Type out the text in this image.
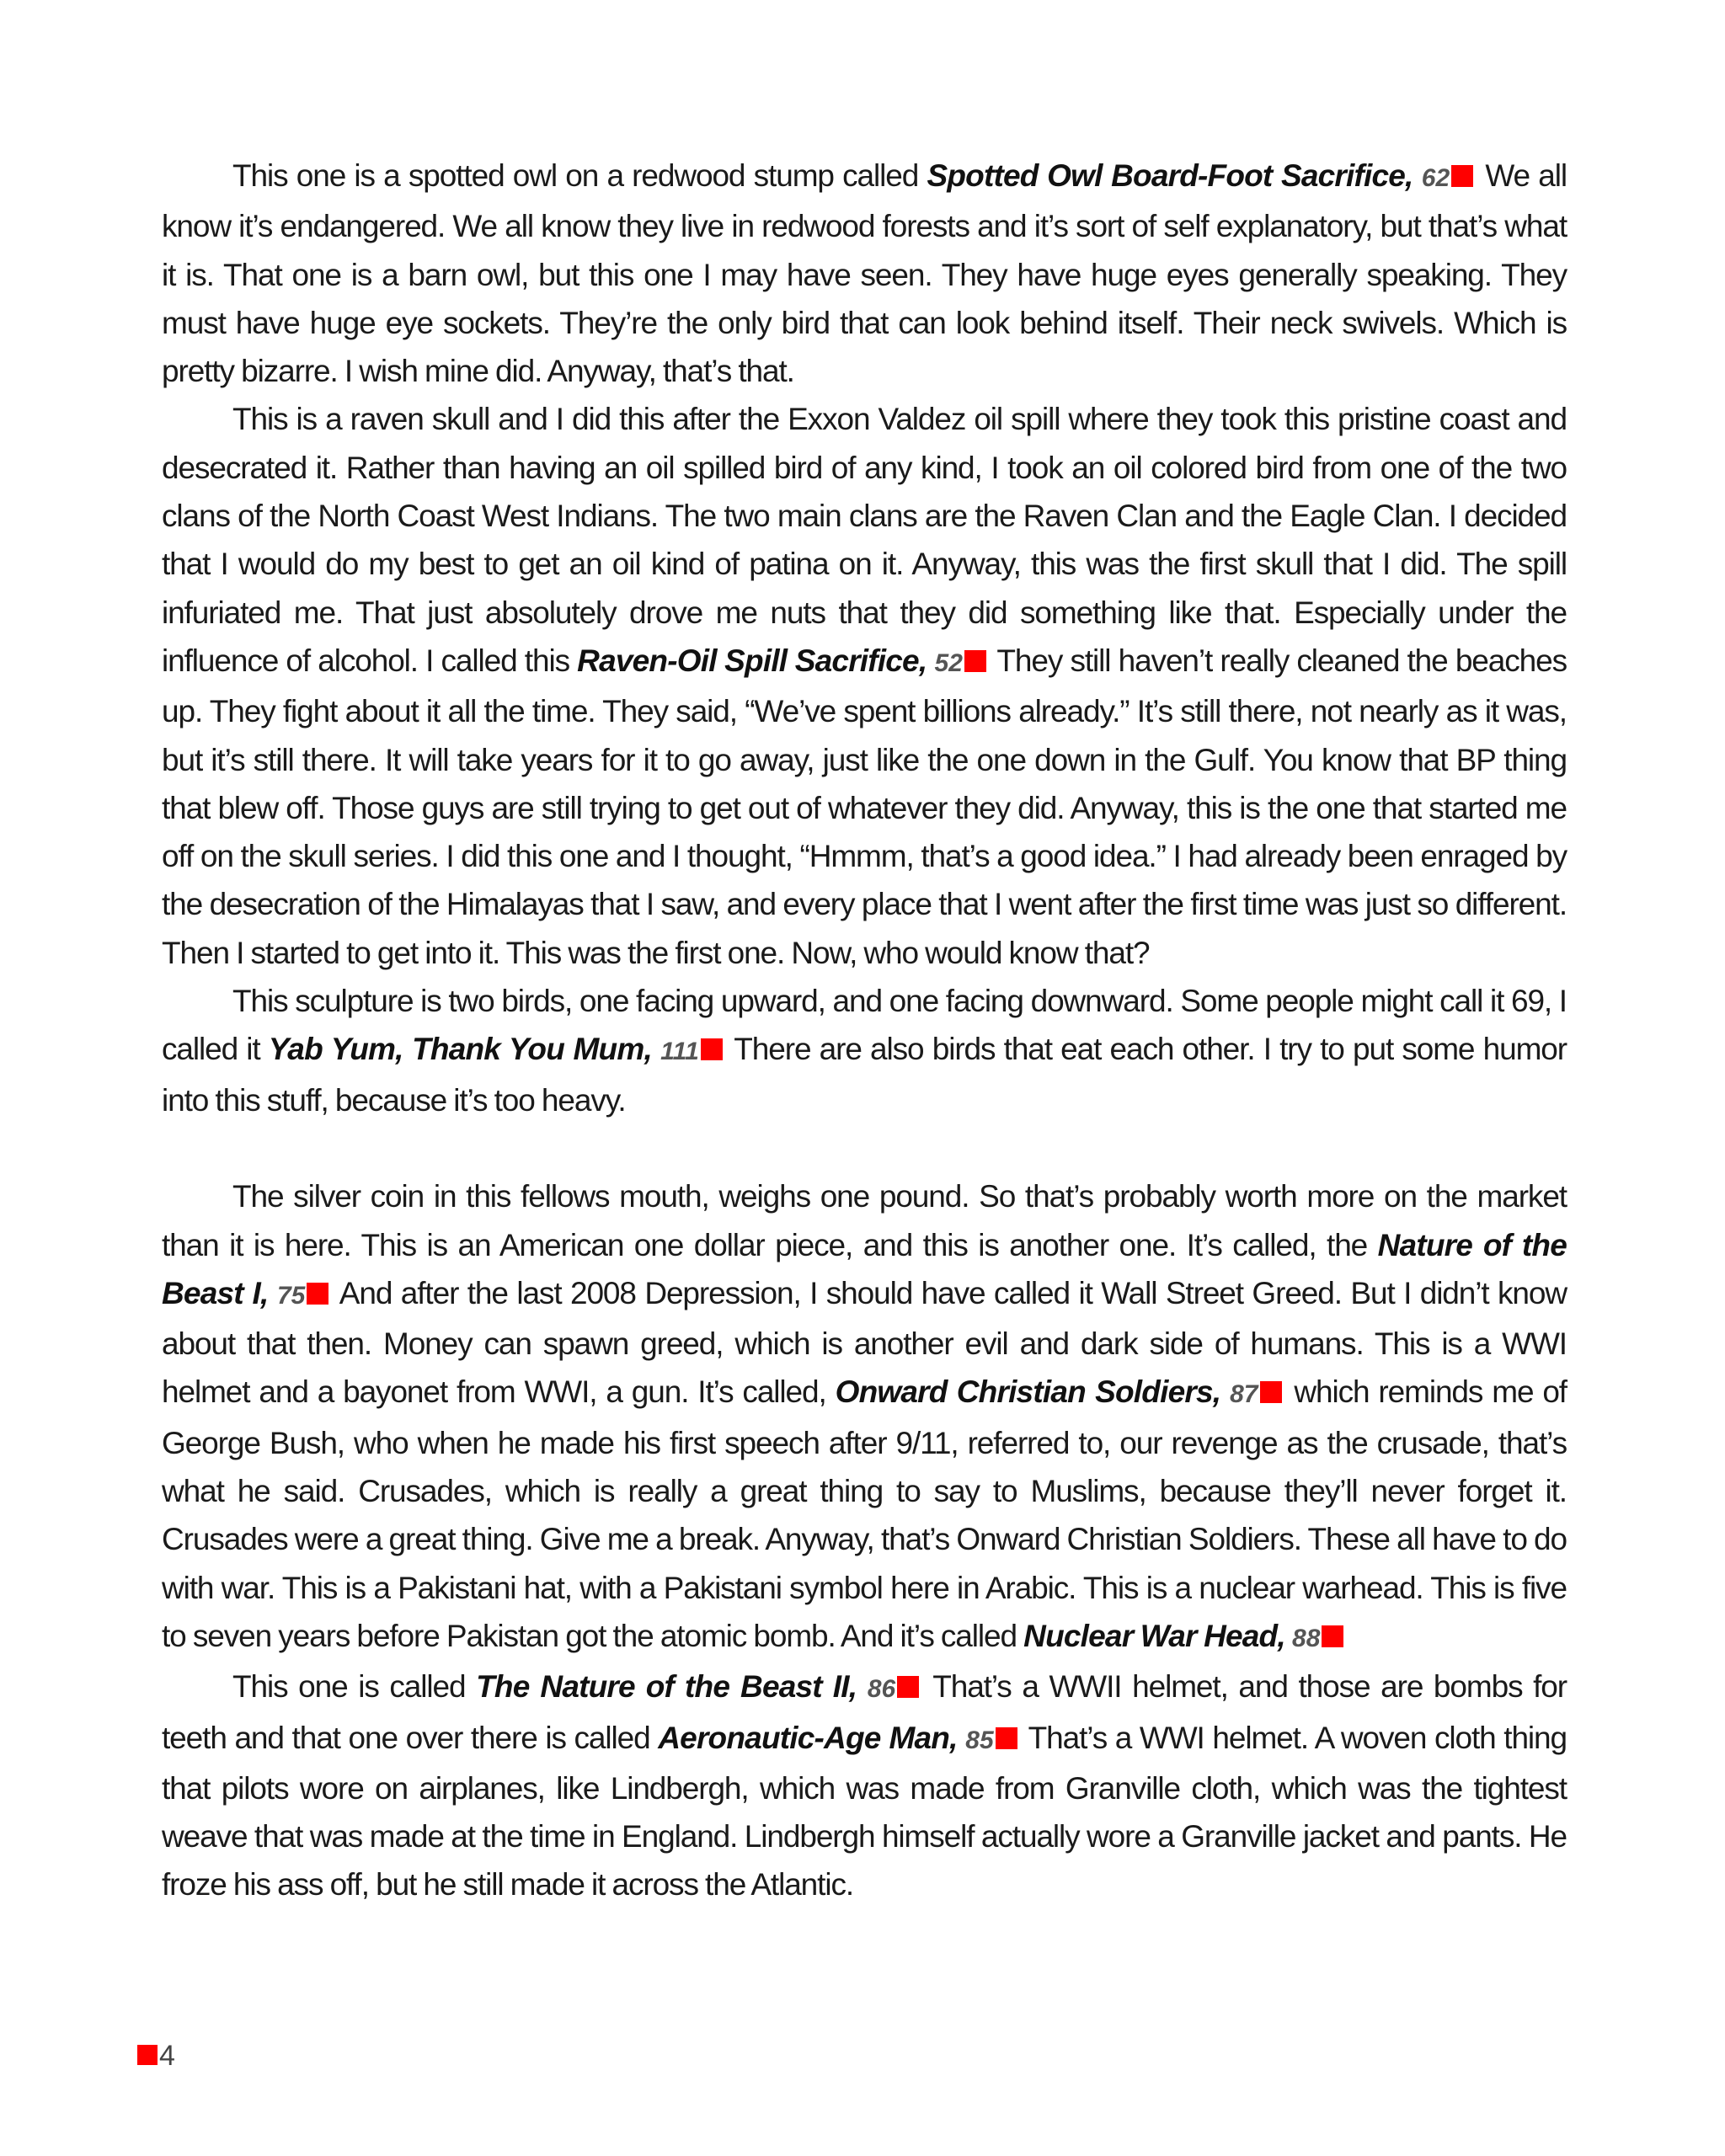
This one is a spotted owl on a redwood stump called Spotted Owl Board-Foot Sacrifice, 62 We all know it’s endangered. We all know they live in redwood forests and it’s sort of self explanatory, but that’s what it is. That one is a barn owl, but this one I may have seen. They have huge eyes generally speaking. They must have huge eye sockets. They’re the only bird that can look behind itself. Their neck swivels. Which is pretty bizarre. I wish mine did. Anyway, that’s that.

This is a raven skull and I did this after the Exxon Valdez oil spill where they took this pristine coast and desecrated it. Rather than having an oil spilled bird of any kind, I took an oil colored bird from one of the two clans of the North Coast West Indians. The two main clans are the Raven Clan and the Eagle Clan. I decided that I would do my best to get an oil kind of patina on it. Anyway, this was the first skull that I did. The spill infuriated me. That just absolutely drove me nuts that they did something like that. Especially under the influence of alcohol. I called this Raven-Oil Spill Sacrifice, 52 They still haven’t really cleaned the beaches up. They fight about it all the time. They said, “We’ve spent billions already.” It’s still there, not nearly as it was, but it’s still there. It will take years for it to go away, just like the one down in the Gulf. You know that BP thing that blew off. Those guys are still trying to get out of whatever they did. Anyway, this is the one that started me off on the skull series. I did this one and I thought, “Hmmm, that’s a good idea.” I had already been enraged by the desecration of the Himalayas that I saw, and every place that I went after the first time was just so different. Then I started to get into it. This was the first one. Now, who would know that?

This sculpture is two birds, one facing upward, and one facing downward. Some people might call it 69, I called it Yab Yum, Thank You Mum, 111 There are also birds that eat each other. I try to put some humor into this stuff, because it’s too heavy.

The silver coin in this fellows mouth, weighs one pound. So that’s probably worth more on the market than it is here. This is an American one dollar piece, and this is another one. It’s called, the Nature of the Beast I, 75 And after the last 2008 Depression, I should have called it Wall Street Greed. But I didn’t know about that then. Money can spawn greed, which is another evil and dark side of humans. This is a WWI helmet and a bayonet from WWI, a gun. It’s called, Onward Christian Soldiers, 87 which reminds me of George Bush, who when he made his first speech after 9/11, referred to, our revenge as the crusade, that’s what he said. Crusades, which is really a great thing to say to Muslims, because they’ll never forget it. Crusades were a great thing. Give me a break. Anyway, that’s Onward Christian Soldiers. These all have to do with war. This is a Pakistani hat, with a Pakistani symbol here in Arabic. This is a nuclear warhead. This is five to seven years before Pakistan got the atomic bomb. And it’s called Nuclear War Head, 88

This one is called The Nature of the Beast II, 86 That’s a WWII helmet, and those are bombs for teeth and that one over there is called Aeronautic-Age Man, 85 That’s a WWI helmet. A woven cloth thing that pilots wore on airplanes, like Lindbergh, which was made from Granville cloth, which was the tightest weave that was made at the time in England. Lindbergh himself actually wore a Granville jacket and pants. He froze his ass off, but he still made it across the Atlantic.

4
